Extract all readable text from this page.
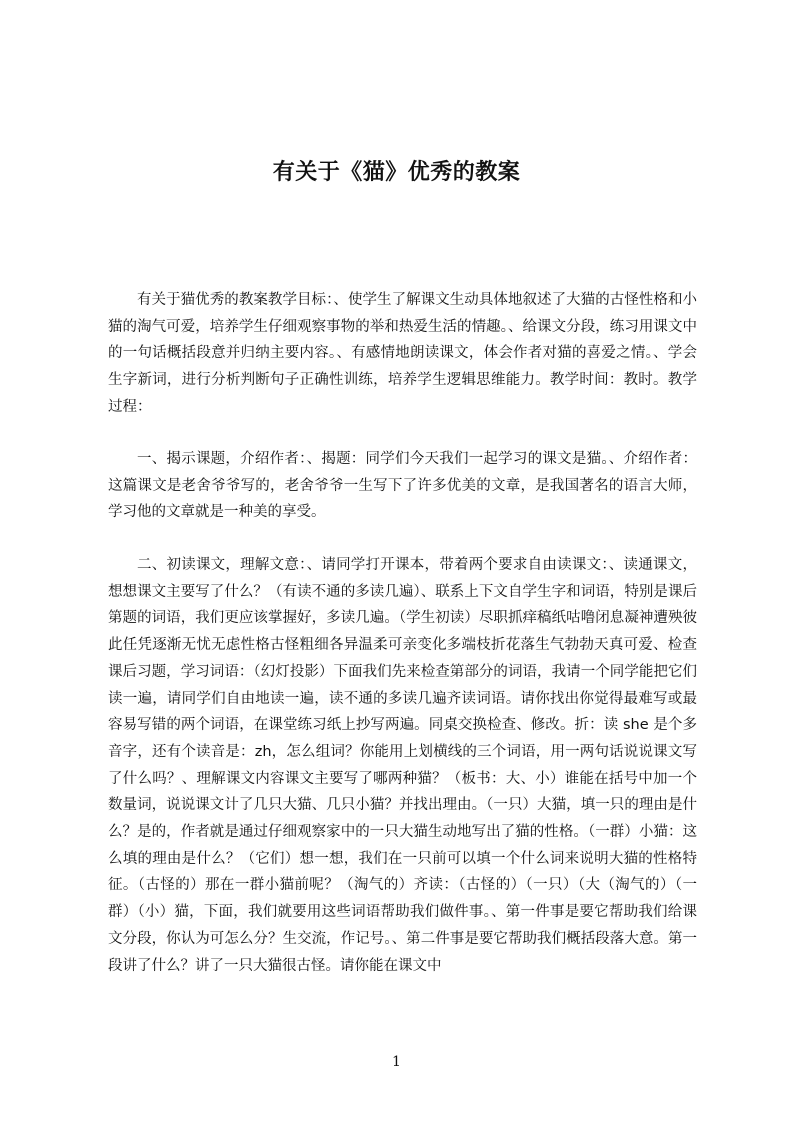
有关于《猫》优秀的教案

有关于猫优秀的教案教学目标：、使学生了解课文生动具体地叙述了大猫的古怪性格和小猫的淘气可爱，培养学生仔细观察事物的举和热爱生活的情趣。、给课文分段，练习用课文中的一句话概括段意并归纳主要内容。、有感情地朗读课文，体会作者对猫的喜爱之情。、学会生字新词，进行分析判断句子正确性训练，培养学生逻辑思维能力。教学时间：教时。教学过程：

一、揭示课题，介绍作者：、揭题：同学们今天我们一起学习的课文是猫。、介绍作者：这篇课文是老舍爷爷写的，老舍爷爷一生写下了许多优美的文章，是我国著名的语言大师，学习他的文章就是一种美的享受。

二、初读课文，理解文意：、请同学打开课本，带着两个要求自由读课文：、读通课文，想想课文主要写了什么？（有读不通的多读几遍）、联系上下文自学生字和词语，特别是课后第题的词语，我们更应该掌握好，多读几遍。（学生初读）尽职抓痒稿纸咕噜闭息凝神遭殃彼此任凭逐渐无忧无虑性格古怪粗细各异温柔可亲变化多端枝折花落生气勃勃天真可爱、检查课后习题，学习词语：（幻灯投影）下面我们先来检查第部分的词语，我请一个同学能把它们读一遍，请同学们自由地读一遍，读不通的多读几遍齐读词语。请你找出你觉得最难写或最容易写错的两个词语，在课堂练习纸上抄写两遍。同桌交换检查、修改。折：读 she 是个多音字，还有个读音是：zh，怎么组词？你能用上划横线的三个词语，用一两句话说说课文写了什么吗？、理解课文内容课文主要写了哪两种猫？（板书：大、小）谁能在括号中加一个数量词，说说课文计了几只大猫、几只小猫？并找出理由。（一只）大猫，填一只的理由是什么？是的，作者就是通过仔细观察家中的一只大猫生动地写出了猫的性格。（一群）小猫：这么填的理由是什么？（它们）想一想，我们在一只前可以填一个什么词来说明大猫的性格特征。（古怪的）那在一群小猫前呢？（淘气的）齐读：（古怪的）（一只）（大（淘气的）（一群）（小）猫，下面，我们就要用这些词语帮助我们做件事。、第一件事是要它帮助我们给课文分段，你认为可怎么分？生交流，作记号。、第二件事是要它帮助我们概括段落大意。第一段讲了什么？讲了一只大猫很古怪。请你能在课文中

1
